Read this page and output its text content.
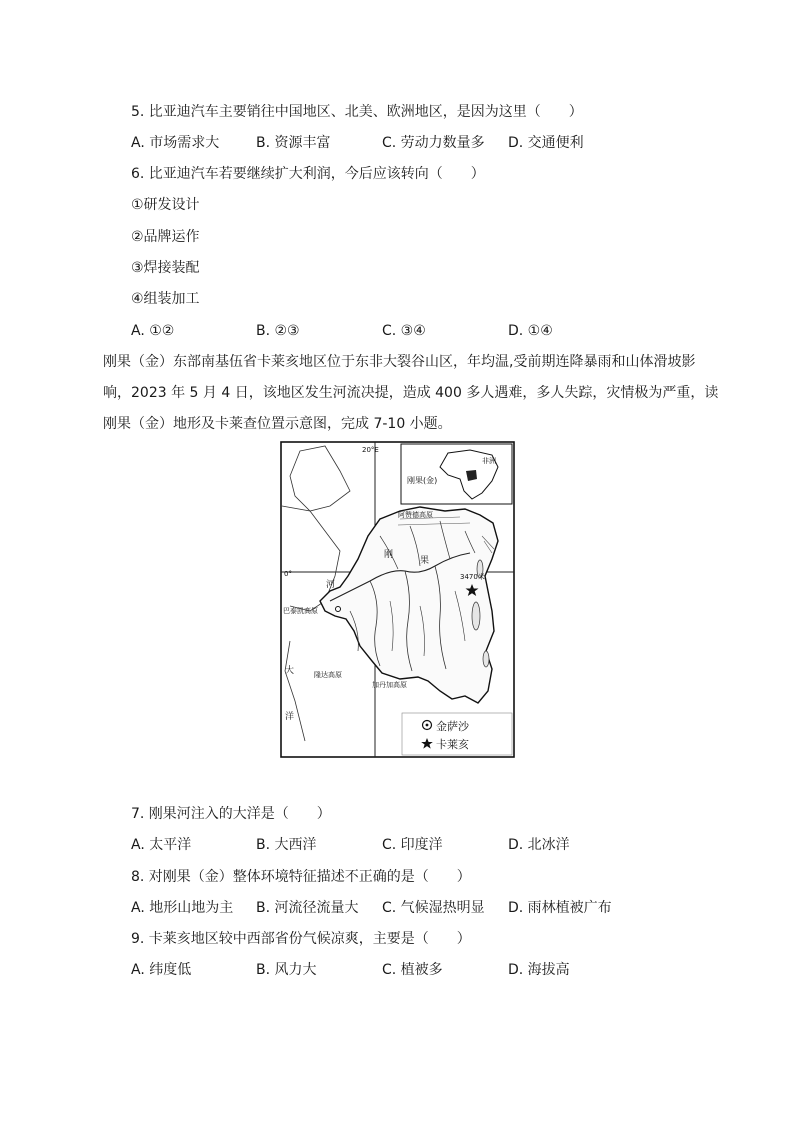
5. 比亚迪汽车主要销往中国地区、北美、欧洲地区，是因为这里（　　）
A. 市场需求大	B. 资源丰富	C. 劳动力数量多 D. 交通便利
6. 比亚迪汽车若要继续扩大利润，今后应该转向（　　）
①研发设计
②品牌运作
③焊接装配
④组装加工
A. ①②	B. ②③	C. ③④	D. ①④
刚果（金）东部南基伍省卡莱亥地区位于东非大裂谷山区，年均温,受前期连降暴雨和山体滑坡影
响，2023 年 5 月 4 日，该地区发生河流决提，造成 400 多人遇难，多人失踪，灾情极为严重，读
刚果（金）地形及卡莱查位置示意图，完成 7-10 小题。
20°E
0°
刚果(金)
非洲
阿赞德高原
河
刚
果
巴泰凯高原
大
洋
隆达高原
加丹加高原
3470米
金萨沙
卡莱亥
7. 刚果河注入的大洋是（　　）
A. 太平洋	B. 大西洋	C. 印度洋	D. 北冰洋
8. 对刚果（金）整体环境特征描述不正确的是（　　）
A. 地形山地为主 B. 河流径流量大 C. 气候湿热明显 D. 雨林植被广布
9. 卡莱亥地区较中西部省份气候凉爽，主要是（　　）
A. 纬度低	B. 风力大	C. 植被多	D. 海拔高
